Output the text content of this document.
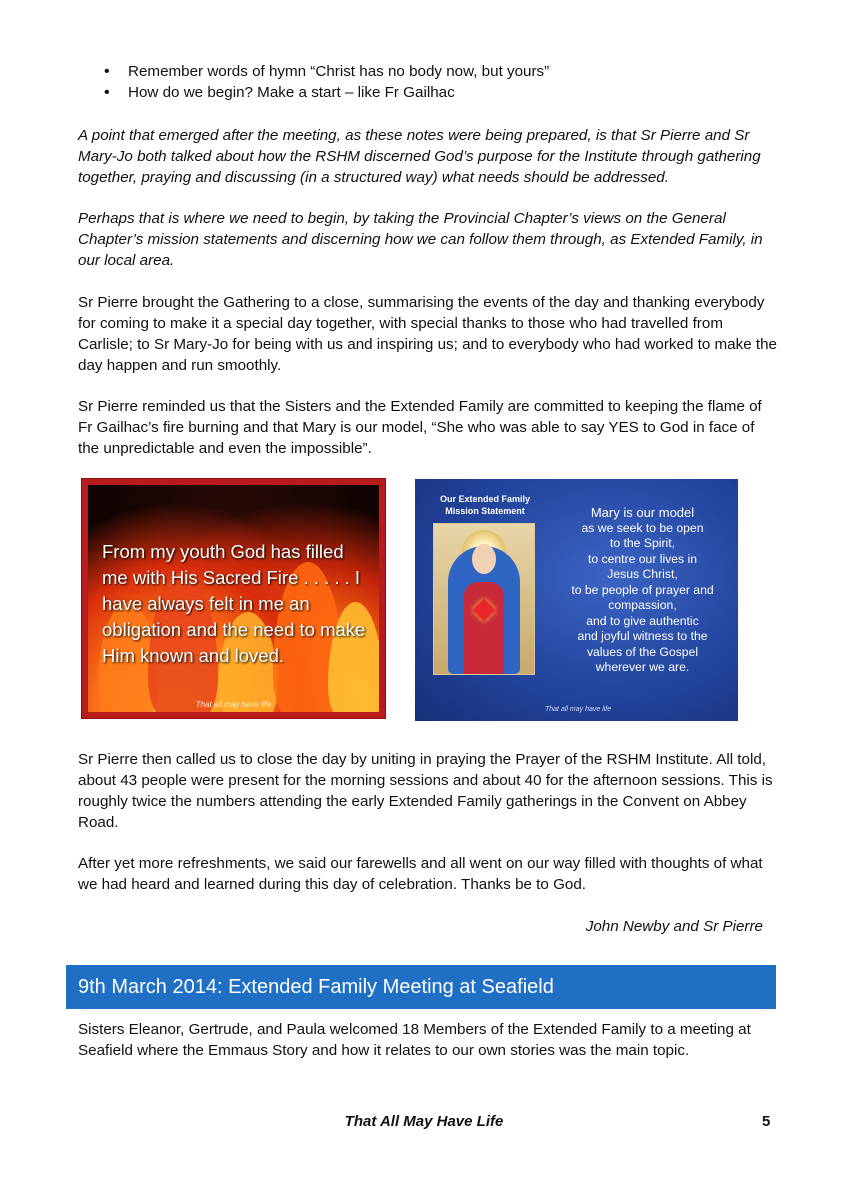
• Remember words of hymn “Christ has no body now, but yours”
• How do we begin? Make a start – like Fr Gailhac

A point that emerged after the meeting, as these notes were being prepared, is that Sr Pierre and Sr Mary-Jo both talked about how the RSHM discerned God’s purpose for the Institute through gathering together, praying and discussing (in a structured way) what needs should be addressed.

Perhaps that is where we need to begin, by taking the Provincial Chapter’s views on the General Chapter’s mission statements and discerning how we can follow them through, as Extended Family, in our local area.

Sr Pierre brought the Gathering to a close, summarising the events of the day and thanking everybody for coming to make it a special day together, with special thanks to those who had travelled from Carlisle; to Sr Mary-Jo for being with us and inspiring us; and to everybody who had worked to make the day happen and run smoothly.

Sr Pierre reminded us that the Sisters and the Extended Family are committed to keeping the flame of Fr Gailhac’s fire burning and that Mary is our model, “She who was able to say YES to God in face of the unpredictable and even the impossible”.

From my youth God has filled me with His Sacred Fire . . . . . I have always felt in me an obligation and the need to make Him known and loved.
That all may have life
Our Extended Family
Mission Statement	Mary is our model
as we seek to be open
to the Spirit,
to centre our lives in
Jesus Christ,
to be people of prayer and
compassion,
and to give authentic
and joyful witness to the
values of the Gospel
wherever we are.
That all may have life

Sr Pierre then called us to close the day by uniting in praying the Prayer of the RSHM Institute. All told, about 43 people were present for the morning sessions and about 40 for the afternoon sessions. This is roughly twice the numbers attending the early Extended Family gatherings in the Convent on Abbey Road.

After yet more refreshments, we said our farewells and all went on our way filled with thoughts of what we had heard and learned during this day of celebration. Thanks be to God.

John Newby and Sr Pierre
9th March 2014: Extended Family Meeting at Seafield

Sisters Eleanor, Gertrude, and Paula welcomed 18 Members of the Extended Family to a meeting at Seafield where the Emmaus Story and how it relates to our own stories was the main topic.

That All May Have Life	5
